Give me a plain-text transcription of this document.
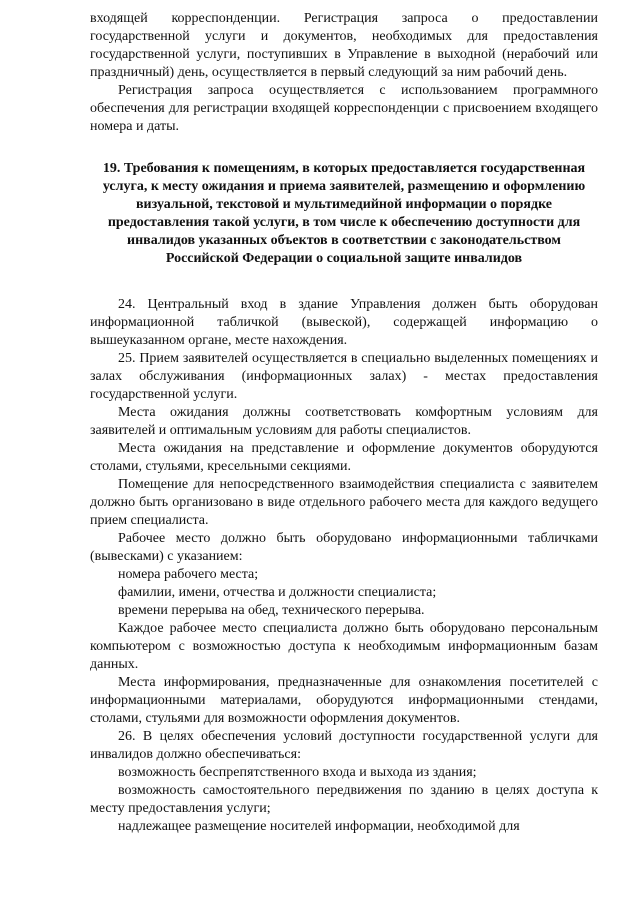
входящей корреспонденции. Регистрация запроса о предоставлении государственной услуги и документов, необходимых для предоставления государственной услуги, поступивших в Управление в выходной (нерабочий или праздничный) день, осуществляется в первый следующий за ним рабочий день.

Регистрация запроса осуществляется с использованием программного обеспечения для регистрации входящей корреспонденции с присвоением входящего номера и даты.

19. Требования к помещениям, в которых предоставляется государственная услуга, к месту ожидания и приема заявителей, размещению и оформлению визуальной, текстовой и мультимедийной информации о порядке предоставления такой услуги, в том числе к обеспечению доступности для инвалидов указанных объектов в соответствии с законодательством Российской Федерации о социальной защите инвалидов

24. Центральный вход в здание Управления должен быть оборудован информационной табличкой (вывеской), содержащей информацию о вышеуказанном органе, месте нахождения.

25. Прием заявителей осуществляется в специально выделенных помещениях и залах обслуживания (информационных залах) - местах предоставления государственной услуги.

Места ожидания должны соответствовать комфортным условиям для заявителей и оптимальным условиям для работы специалистов.

Места ожидания на представление и оформление документов оборудуются столами, стульями, кресельными секциями.

Помещение для непосредственного взаимодействия специалиста с заявителем должно быть организовано в виде отдельного рабочего места для каждого ведущего прием специалиста.

Рабочее место должно быть оборудовано информационными табличками (вывесками) с указанием:

номера рабочего места;

фамилии, имени, отчества и должности специалиста;

времени перерыва на обед, технического перерыва.

Каждое рабочее место специалиста должно быть оборудовано персональным компьютером с возможностью доступа к необходимым информационным базам данных.

Места информирования, предназначенные для ознакомления посетителей с информационными материалами, оборудуются информационными стендами, столами, стульями для возможности оформления документов.

26. В целях обеспечения условий доступности государственной услуги для инвалидов должно обеспечиваться:

возможность беспрепятственного входа и выхода из здания;

возможность самостоятельного передвижения по зданию в целях доступа к месту предоставления услуги;

надлежащее размещение носителей информации, необходимой для
